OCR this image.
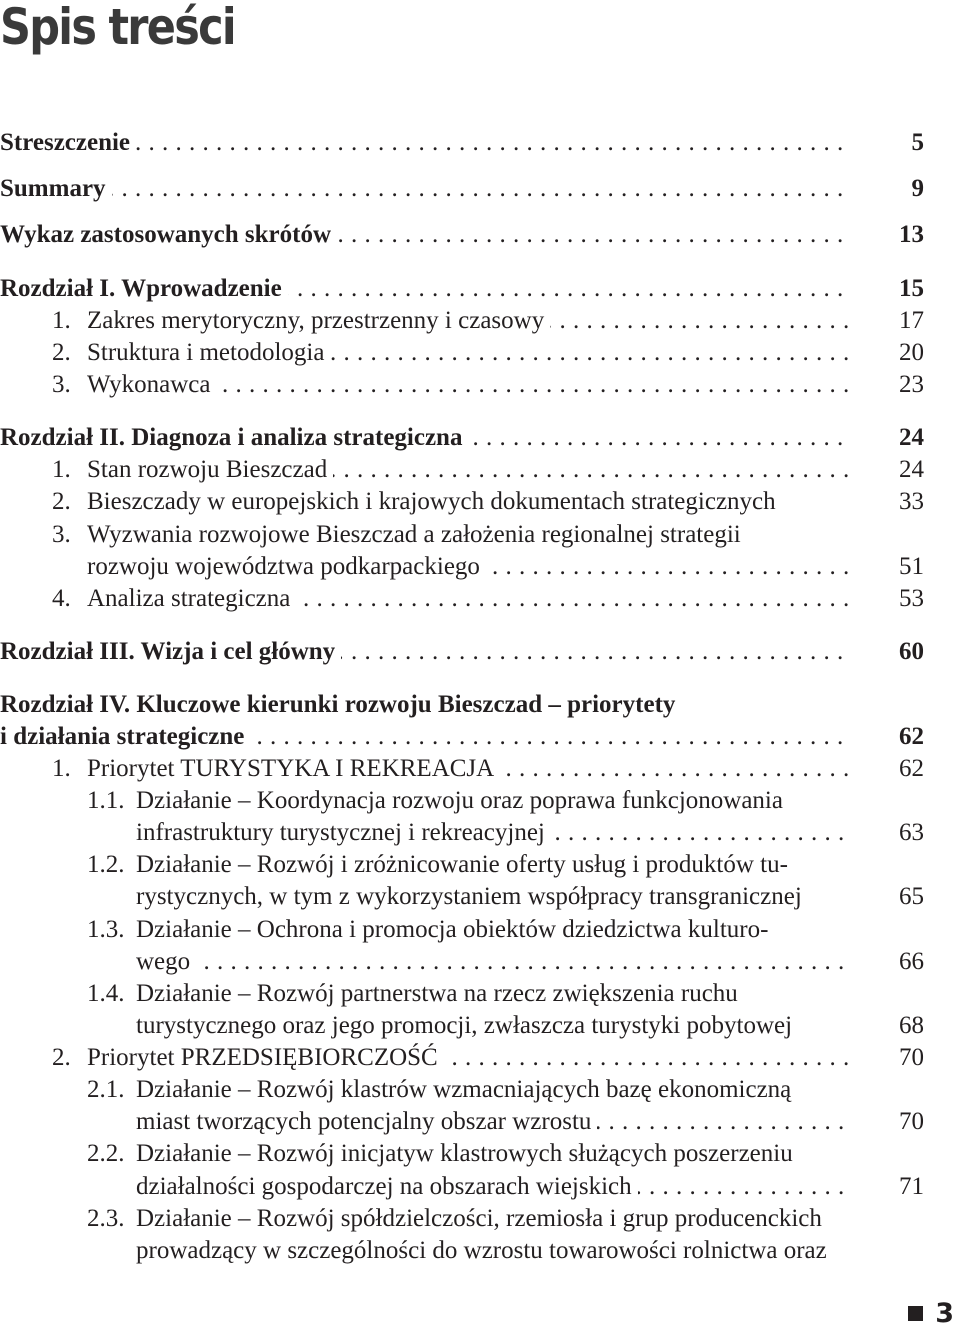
Spis treści
Streszczenie . . .	5
Summary . . .	9
Wykaz zastosowanych skrótów . . .	13
Rozdział I. Wprowadzenie . . .	15
1. Zakres merytoryczny, przestrzenny i czasowy . . .	17
2. Struktura i metodologia . . .	20
3. Wykonawca . . .	23
Rozdział II. Diagnoza i analiza strategiczna . . .	24
1. Stan rozwoju Bieszczad . . .	24
2. Bieszczady w europejskich i krajowych dokumentach strategicznych	33
3. Wyzwania rozwojowe Bieszczad a założenia regionalnej strategii
rozwoju województwa podkarpackiego . . .	51
4. Analiza strategiczna . . .	53
Rozdział III. Wizja i cel główny . . .	60
Rozdział IV. Kluczowe kierunki rozwoju Bieszczad – priorytety
i działania strategiczne . . .	62
1. Priorytet TURYSTYKA I REKREACJA . . .	62
1.1. Działanie – Koordynacja rozwoju oraz poprawa funkcjonowania
infrastruktury turystycznej i rekreacyjnej . . .	63
1.2. Działanie – Rozwój i zróżnicowanie oferty usług i produktów tu-
rystycznych, w tym z wykorzystaniem współpracy transgranicznej	65
1.3. Działanie – Ochrona i promocja obiektów dziedzictwa kulturo-
wego . . .	66
1.4. Działanie – Rozwój partnerstwa na rzecz zwiększenia ruchu
turystycznego oraz jego promocji, zwłaszcza turystyki pobytowej	68
2. Priorytet PRZEDSIĘBIORCZOŚĆ . . .	70
2.1. Działanie – Rozwój klastrów wzmacniających bazę ekonomiczną
miast tworzących potencjalny obszar wzrostu . . .	70
2.2. Działanie – Rozwój inicjatyw klastrowych służących poszerzeniu
działalności gospodarczej na obszarach wiejskich . . .	71
2.3. Działanie – Rozwój spółdzielczości, rzemiosła i grup producenckich
prowadzący w szczególności do wzrostu towarowości rolnictwa oraz
3
